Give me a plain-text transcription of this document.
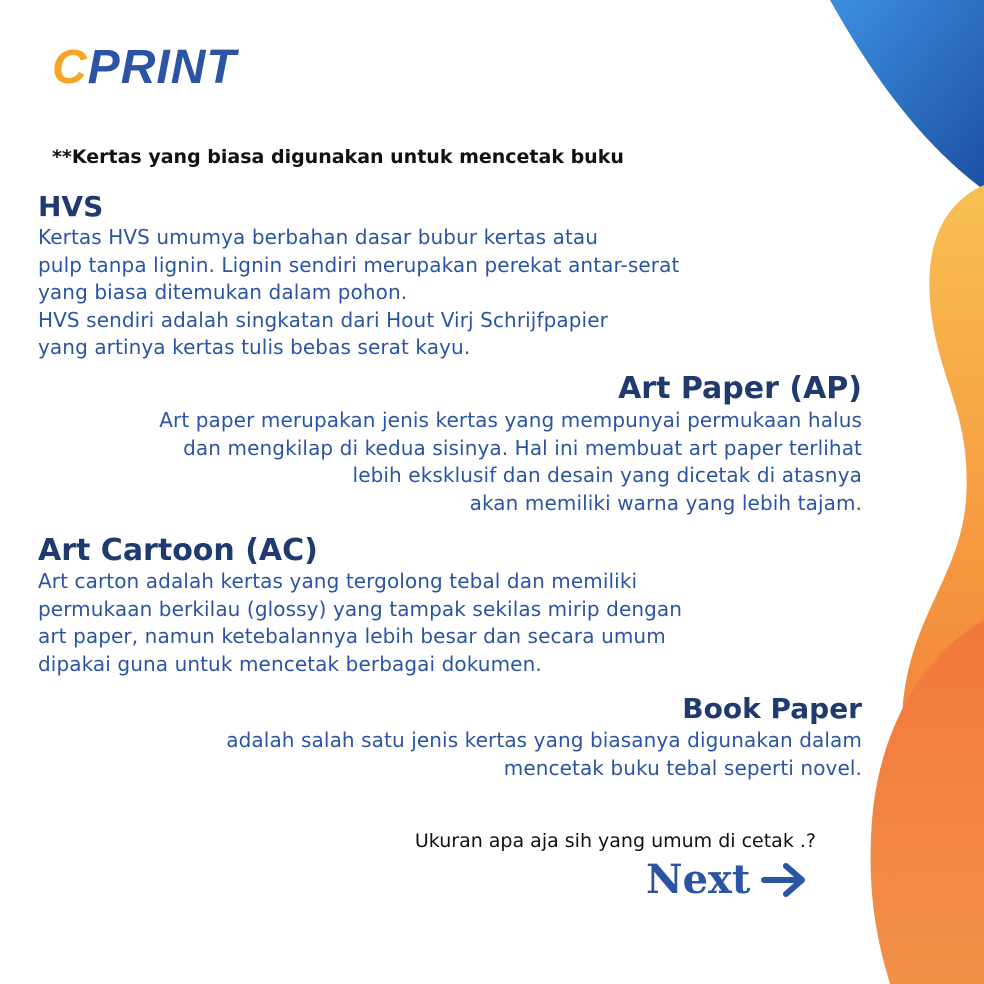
CPRINT
**Kertas yang biasa digunakan untuk mencetak buku
HVS
Kertas HVS umumya berbahan dasar bubur kertas atau
pulp tanpa lignin. Lignin sendiri merupakan perekat antar-serat
yang biasa ditemukan dalam pohon.
HVS sendiri adalah singkatan dari Hout Virj Schrijfpapier
yang artinya kertas tulis bebas serat kayu.
Art Paper (AP)
Art paper merupakan jenis kertas yang mempunyai permukaan halus
dan mengkilap di kedua sisinya. Hal ini membuat art paper terlihat
lebih eksklusif dan desain yang dicetak di atasnya
akan memiliki warna yang lebih tajam.
Art Cartoon (AC)
Art carton adalah kertas yang tergolong tebal dan memiliki
permukaan berkilau (glossy) yang tampak sekilas mirip dengan
art paper, namun ketebalannya lebih besar dan secara umum
dipakai guna untuk mencetak berbagai dokumen.
Book Paper
adalah salah satu jenis kertas yang biasanya digunakan dalam
mencetak buku tebal seperti novel.
Ukuran apa aja sih yang umum di cetak .?
Next
